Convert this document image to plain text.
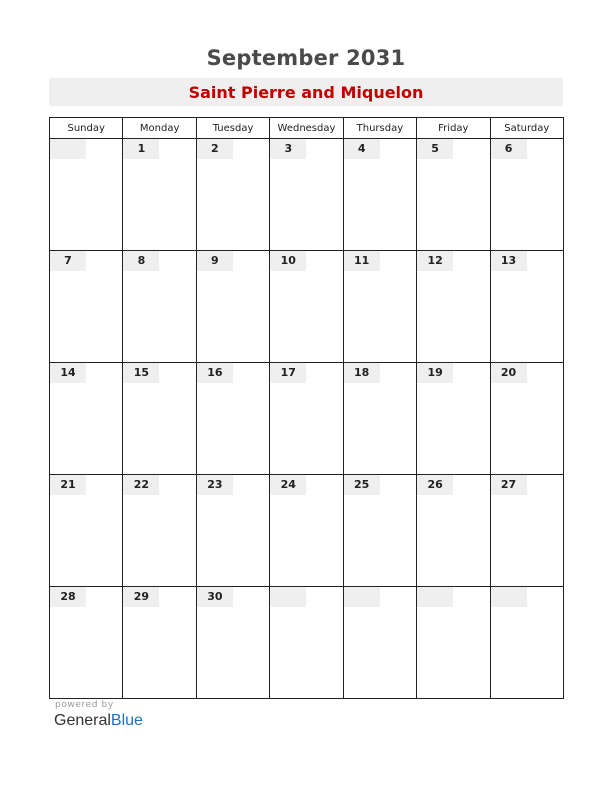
September 2031
Saint Pierre and Miquelon
Sunday	Monday	Tuesday	Wednesday	Thursday	Friday	Saturday

	1	2	3	4	5	6

7	8	9	10	11	12	13

14	15	16	17	18	19	20

21	22	23	24	25	26	27

28	29	30				

powered by
GeneralBlue
